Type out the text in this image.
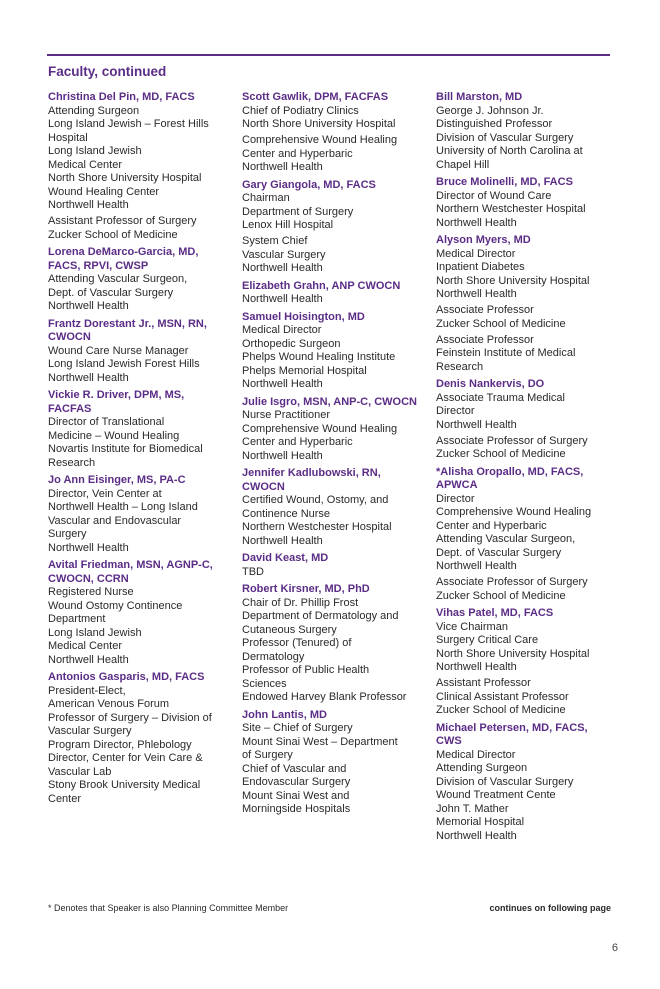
Faculty, continued
Christina Del Pin, MD, FACS
Attending Surgeon
Long Island Jewish – Forest Hills
Hospital
Long Island Jewish
Medical Center
North Shore University Hospital
Wound Healing Center
Northwell Health
Assistant Professor of Surgery
Zucker School of Medicine
Lorena DeMarco-Garcia, MD, FACS, RPVI, CWSP
Attending Vascular Surgeon,
Dept. of Vascular Surgery
Northwell Health
Frantz Dorestant Jr., MSN, RN, CWOCN
Wound Care Nurse Manager
Long Island Jewish Forest Hills
Northwell Health
Vickie R. Driver, DPM, MS, FACFAS
Director of Translational
Medicine – Wound Healing
Novartis Institute for Biomedical
Research
Jo Ann Eisinger, MS, PA-C
Director, Vein Center at
Northwell Health – Long Island
Vascular and Endovascular
Surgery
Northwell Health
Avital Friedman, MSN, AGNP-C, CWOCN, CCRN
Registered Nurse
Wound Ostomy Continence
Department
Long Island Jewish
Medical Center
Northwell Health
Antonios Gasparis, MD, FACS
President-Elect,
American Venous Forum
Professor of Surgery – Division of
Vascular Surgery
Program Director, Phlebology
Director, Center for Vein Care &
Vascular Lab
Stony Brook University Medical
Center
Scott Gawlik, DPM, FACFAS
Chief of Podiatry Clinics
North Shore University Hospital
Comprehensive Wound Healing
Center and Hyperbaric
Northwell Health
Gary Giangola, MD, FACS
Chairman
Department of Surgery
Lenox Hill Hospital
System Chief
Vascular Surgery
Northwell Health
Elizabeth Grahn, ANP CWOCN
Northwell Health
Samuel Hoisington, MD
Medical Director
Orthopedic Surgeon
Phelps Wound Healing Institute
Phelps Memorial Hospital
Northwell Health
Julie Isgro, MSN, ANP-C, CWOCN
Nurse Practitioner
Comprehensive Wound Healing
Center and Hyperbaric
Northwell Health
Jennifer Kadlubowski, RN, CWOCN
Certified Wound, Ostomy, and
Continence Nurse
Northern Westchester Hospital
Northwell Health
David Keast, MD
TBD
Robert Kirsner, MD, PhD
Chair of Dr. Phillip Frost
Department of Dermatology and
Cutaneous Surgery
Professor (Tenured) of
Dermatology
Professor of Public Health
Sciences
Endowed Harvey Blank Professor
John Lantis, MD
Site – Chief of Surgery
Mount Sinai West – Department
of Surgery
Chief of Vascular and
Endovascular Surgery
Mount Sinai West and
Morningside Hospitals
Bill Marston, MD
George J. Johnson Jr.
Distinguished Professor
Division of Vascular Surgery
University of North Carolina at
Chapel Hill
Bruce Molinelli, MD, FACS
Director of Wound Care
Northern Westchester Hospital
Northwell Health
Alyson Myers, MD
Medical Director
Inpatient Diabetes
North Shore University Hospital
Northwell Health
Associate Professor
Zucker School of Medicine
Associate Professor
Feinstein Institute of Medical
Research
Denis Nankervis, DO
Associate Trauma Medical
Director
Northwell Health
Associate Professor of Surgery
Zucker School of Medicine
*Alisha Oropallo, MD, FACS, APWCA
Director
Comprehensive Wound Healing
Center and Hyperbaric
Attending Vascular Surgeon,
Dept. of Vascular Surgery
Northwell Health
Associate Professor of Surgery
Zucker School of Medicine
Vihas Patel, MD, FACS
Vice Chairman
Surgery Critical Care
North Shore University Hospital
Northwell Health
Assistant Professor
Clinical Assistant Professor
Zucker School of Medicine
Michael Petersen, MD, FACS, CWS
Medical Director
Attending Surgeon
Division of Vascular Surgery
Wound Treatment Cente
John T. Mather
Memorial Hospital
Northwell Health
* Denotes that Speaker is also Planning Committee Member	continues on following page
6
